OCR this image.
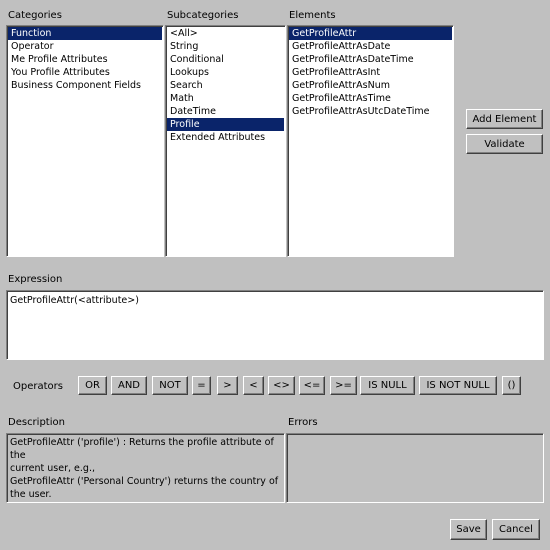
Categories
Function
Operator
Me Profile Attributes
You Profile Attributes
Business Component Fields
Subcategories
<All>
String
Conditional
Lookups
Search
Math
DateTime
Profile
Extended Attributes
Elements
GetProfileAttr
GetProfileAttrAsDate
GetProfileAttrAsDateTime
GetProfileAttrAsInt
GetProfileAttrAsNum
GetProfileAttrAsTime
GetProfileAttrAsUtcDateTime
Add Element
Validate
Expression
GetProfileAttr(<attribute>)
Operators	OR	AND	NOT	=	>	<	<>	<=	>=	IS NULL	IS NOT NULL	()
Description
GetProfileAttr ('profile') : Returns the profile attribute of the
current user, e.g.,
GetProfileAttr ('Personal Country') returns the country of
the user.
Errors
Save	Cancel
